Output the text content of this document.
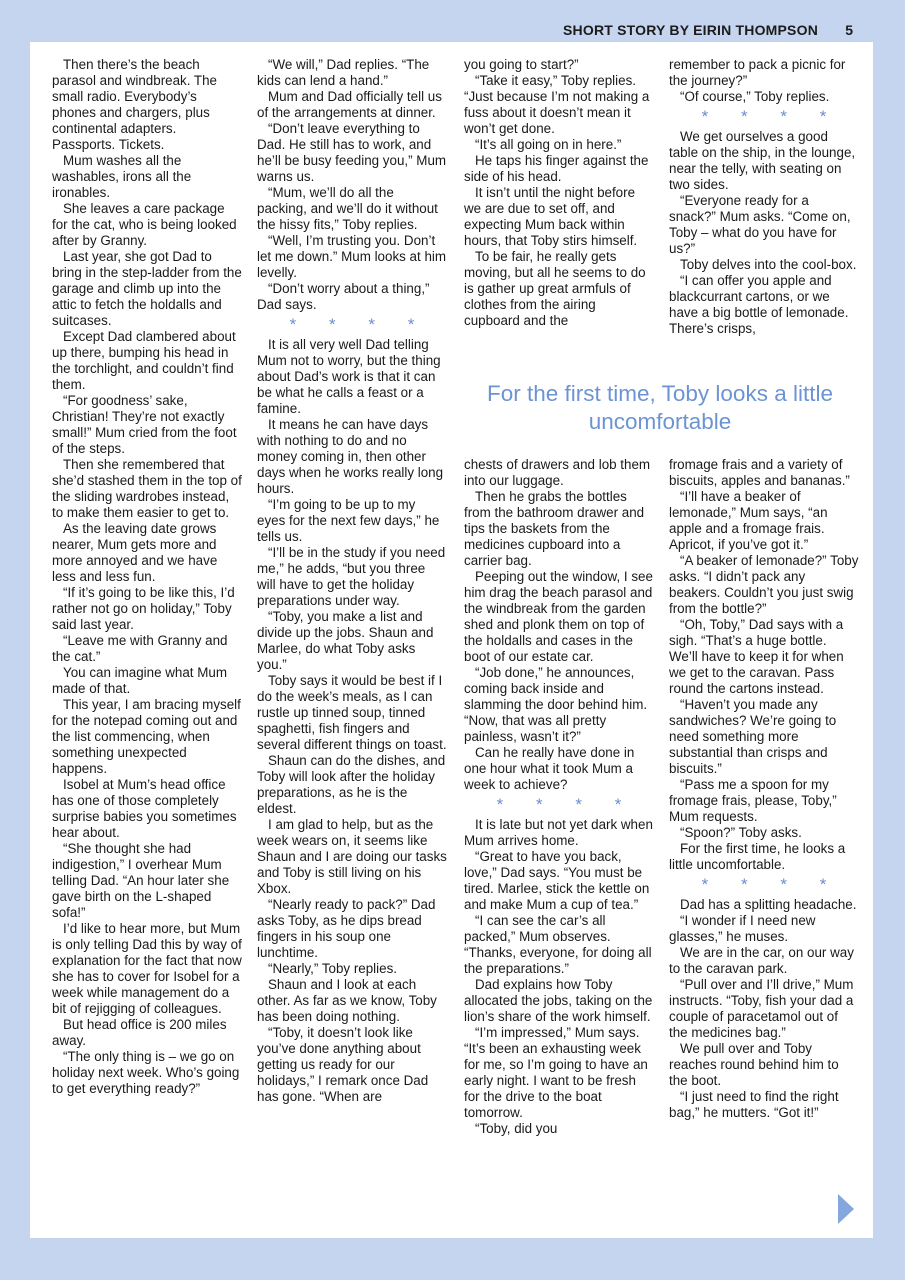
SHORT STORY BY EIRIN THOMPSON 5

Then there’s the beach parasol and windbreak. The small radio. Everybody’s phones and chargers, plus continental adapters. Passports. Tickets.

Mum washes all the washables, irons all the ironables.

She leaves a care package for the cat, who is being looked after by Granny.

Last year, she got Dad to bring in the step-ladder from the garage and climb up into the attic to fetch the holdalls and suitcases.

Except Dad clambered about up there, bumping his head in the torchlight, and couldn’t find them.

“For goodness’ sake, Christian! They’re not exactly small!” Mum cried from the foot of the steps.

Then she remembered that she’d stashed them in the top of the sliding wardrobes instead, to make them easier to get to.

As the leaving date grows nearer, Mum gets more and more annoyed and we have less and less fun.

“If it’s going to be like this, I’d rather not go on holiday,” Toby said last year.

“Leave me with Granny and the cat.”

You can imagine what Mum made of that.

This year, I am bracing myself for the notepad coming out and the list commencing, when something unexpected happens.

Isobel at Mum’s head office has one of those completely surprise babies you sometimes hear about.

“She thought she had indigestion,” I overhear Mum telling Dad. “An hour later she gave birth on the L-shaped sofa!”

I’d like to hear more, but Mum is only telling Dad this by way of explanation for the fact that now she has to cover for Isobel for a week while management do a bit of rejigging of colleagues.

But head office is 200 miles away.

“The only thing is – we go on holiday next week. Who’s going to get everything ready?”

“We will,” Dad replies. “The kids can lend a hand.”

Mum and Dad officially tell us of the arrangements at dinner.

“Don’t leave everything to Dad. He still has to work, and he’ll be busy feeding you,” Mum warns us.

“Mum, we’ll do all the packing, and we’ll do it without the hissy fits,” Toby replies.

“Well, I’m trusting you. Don’t let me down.” Mum looks at him levelly.

“Don’t worry about a thing,” Dad says.

* * * *

It is all very well Dad telling Mum not to worry, but the thing about Dad’s work is that it can be what he calls a feast or a famine.

It means he can have days with nothing to do and no money coming in, then other days when he works really long hours.

“I’m going to be up to my eyes for the next few days,” he tells us.

“I’ll be in the study if you need me,” he adds, “but you three will have to get the holiday preparations under way.

“Toby, you make a list and divide up the jobs. Shaun and Marlee, do what Toby asks you.”

Toby says it would be best if I do the week’s meals, as I can rustle up tinned soup, tinned spaghetti, fish fingers and several different things on toast.

Shaun can do the dishes, and Toby will look after the holiday preparations, as he is the eldest.

I am glad to help, but as the week wears on, it seems like Shaun and I are doing our tasks and Toby is still living on his Xbox.

“Nearly ready to pack?” Dad asks Toby, as he dips bread fingers in his soup one lunchtime.

“Nearly,” Toby replies.

Shaun and I look at each other. As far as we know, Toby has been doing nothing.

“Toby, it doesn’t look like you’ve done anything about getting us ready for our holidays,” I remark once Dad has gone. “When are

you going to start?”

“Take it easy,” Toby replies. “Just because I’m not making a fuss about it doesn’t mean it won’t get done.

“It’s all going on in here.”

He taps his finger against the side of his head.

It isn’t until the night before we are due to set off, and expecting Mum back within hours, that Toby stirs himself.

To be fair, he really gets moving, but all he seems to do is gather up great armfuls of clothes from the airing cupboard and the

remember to pack a picnic for the journey?”

“Of course,” Toby replies.

* * * *

We get ourselves a good table on the ship, in the lounge, near the telly, with seating on two sides.

“Everyone ready for a snack?” Mum asks. “Come on, Toby – what do you have for us?”

Toby delves into the cool-box.

“I can offer you apple and blackcurrant cartons, or we have a big bottle of lemonade. There’s crisps,

For the first time, Toby looks a little uncomfortable

chests of drawers and lob them into our luggage.

Then he grabs the bottles from the bathroom drawer and tips the baskets from the medicines cupboard into a carrier bag.

Peeping out the window, I see him drag the beach parasol and the windbreak from the garden shed and plonk them on top of the holdalls and cases in the boot of our estate car.

“Job done,” he announces, coming back inside and slamming the door behind him. “Now, that was all pretty painless, wasn’t it?”

Can he really have done in one hour what it took Mum a week to achieve?

* * * *

It is late but not yet dark when Mum arrives home.

“Great to have you back, love,” Dad says. “You must be tired. Marlee, stick the kettle on and make Mum a cup of tea.”

“I can see the car’s all packed,” Mum observes. “Thanks, everyone, for doing all the preparations.”

Dad explains how Toby allocated the jobs, taking on the lion’s share of the work himself.

“I’m impressed,” Mum says. “It’s been an exhausting week for me, so I’m going to have an early night. I want to be fresh for the drive to the boat tomorrow.

“Toby, did you

fromage frais and a variety of biscuits, apples and bananas.”

“I’ll have a beaker of lemonade,” Mum says, “an apple and a fromage frais. Apricot, if you’ve got it.”

“A beaker of lemonade?” Toby asks. “I didn’t pack any beakers. Couldn’t you just swig from the bottle?”

“Oh, Toby,” Dad says with a sigh. “That’s a huge bottle. We’ll have to keep it for when we get to the caravan. Pass round the cartons instead.

“Haven’t you made any sandwiches? We’re going to need something more substantial than crisps and biscuits.”

“Pass me a spoon for my fromage frais, please, Toby,” Mum requests.

“Spoon?” Toby asks.

For the first time, he looks a little uncomfortable.

* * * *

Dad has a splitting headache.

“I wonder if I need new glasses,” he muses.

We are in the car, on our way to the caravan park.

“Pull over and I’ll drive,” Mum instructs. “Toby, fish your dad a couple of paracetamol out of the medicines bag.”

We pull over and Toby reaches round behind him to the boot.

“I just need to find the right bag,” he mutters. “Got it!”
